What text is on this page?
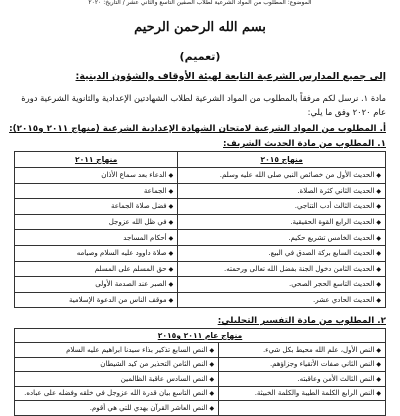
الموضوع: المطلوب من المواد الشرعية لطلاب الصفين التاسع والثاني عشر / التاريخ: ٢٠٢٠
بسم الله الرحمن الرحيم
(تعميم)
إلى جميع المدارس الشرعية التابعة لهيئة الأوقاف والشؤون الدينية:
مادة ١. نرسل لكم مرفقاً بالمطلوب من المواد الشرعية لطلاب الشهادتين الإعدادية والثانوية الشرعية دورة عام ٢٠٢٠ وفق ما يلي:
أ. المطلوب من المواد الشرعية لامتحان الشهادة الإعدادية الشرعية (منهاج ٢٠١١ و٢٠١٥):
١. المطلوب من مادة الحديث الشريف:
منهاج ٢٠١٥	منهاج ٢٠١١
◆الحديث الأول من خصائص النبي صلى الله عليه وسلم.	◆الدعاء بعد سماع الأذان
◆الحديث الثاني كثرة الصلاة.	◆الجماعة
◆الحديث الثالث أدب التناجي.	◆فضل صلاة الجماعة
◆الحديث الرابع القوة الحقيقية.	◆في ظل الله عزوجل
◆الحديث الخامس تشريع حكيم.	◆أحكام المساجد
◆الحديث السابع بركة الصدق في البيع.	◆صلاة داوود عليه السلام وصيامه
◆الحديث الثامن دخول الجنة بفضل الله تعالى ورحمته.	◆حق المسلم على المسلم
◆الحديث التاسع الحجر الصحي.	◆الصبر عند الصدمة الأولى
◆الحديث الحادي عشر.	◆موقف الناس من الدعوة الإسلامية
٢. المطلوب من مادة التفسير التحليلي:
منهاج عام ٢٠١١ و٢٠١٥	
◆النص الأول، علم الله محيط بكل شيء.	◆النص السابع تذكير بذاء سيدنا ابراهيم عليه السلام
◆النص الثاني صفات الأتقياء وجزاؤهم.	◆النص الثامن التحذير من كيد الشيطان
◆النص الثالث الأمن وعاقبته.	◆النص السادس عاقبة الظالمين
◆النص الرابع الكلمة الطيبة والكلمة الخبيثة.	◆النص التاسع بيان قدرة الله عزوجل في خلقه وفضله على عباده.
	◆النص العاشر القرآن يهدي للتي هي أقوم.
